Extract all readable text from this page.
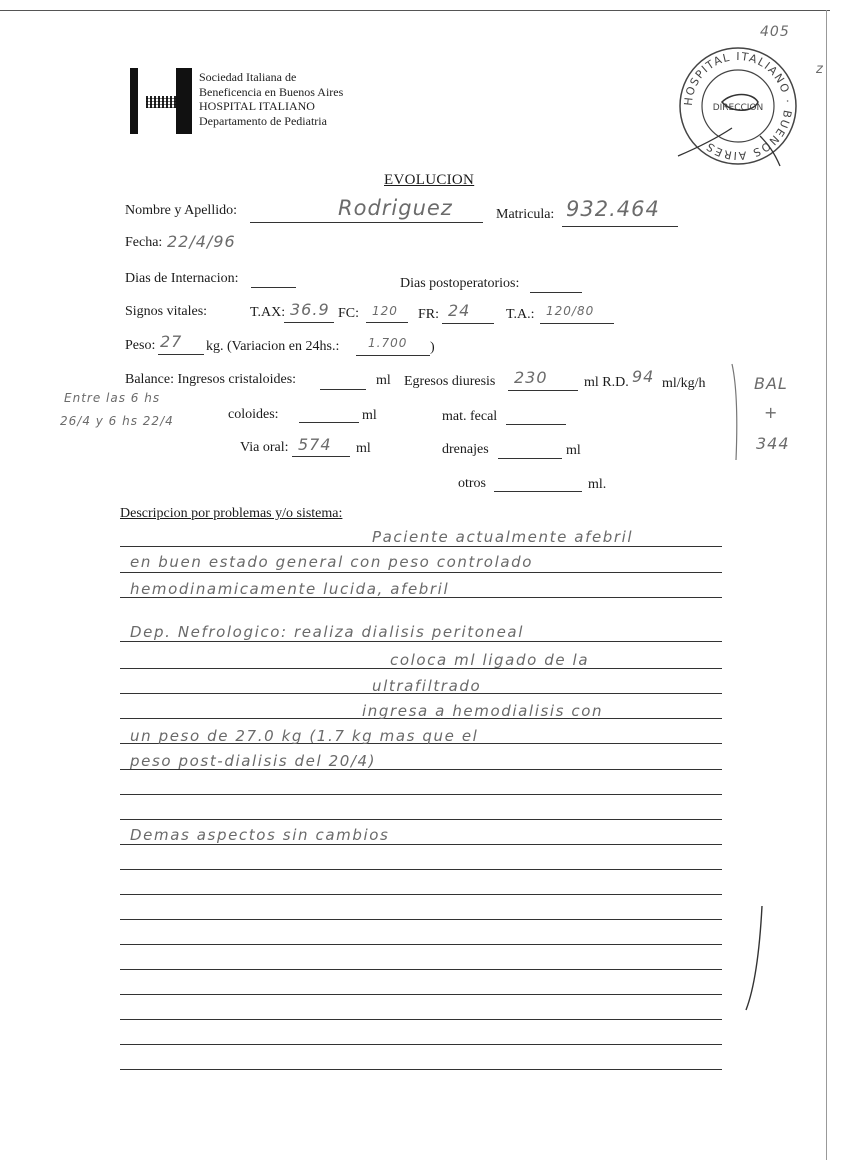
405
z
Sociedad Italiana de
Beneficencia en Buenos Aires
HOSPITAL ITALIANO
Departamento de Pediatria
HOSPITAL ITALIANO · BUENOS AIRES
DIRECCION
EVOLUCION
Nombre y Apellido:	Rodriguez	Matricula: 932.464
Fecha: 22/4/96
Dias de Internacion:	Dias postoperatorios:
Signos vitales:	T.AX: 36.9 FC: 120 FR: 24	T.A.: 120/80
Peso: 27 kg. (Variacion en 24hs.: 1.700 )
Balance: Ingresos cristaloides:	ml Egresos diuresis 230	ml R.D. 94 ml/kg/h
Entre las 6 hs
26/4 y 6 hs 22/4	coloides:	ml	mat. fecal
Via oral: 574 ml	drenajes	ml
otros	ml.
BAL
+
344
Descripcion por problemas y/o sistema:
Paciente actualmente afebril
en buen estado general con peso controlado
hemodinamicamente lucida, afebril
Dep. Nefrologico: realiza dialisis peritoneal
coloca ml ligado de la
ultrafiltrado
ingresa a hemodialisis con
un peso de 27.0 kg (1.7 kg mas que el
peso post-dialisis del 20/4)
Demas aspectos sin cambios
